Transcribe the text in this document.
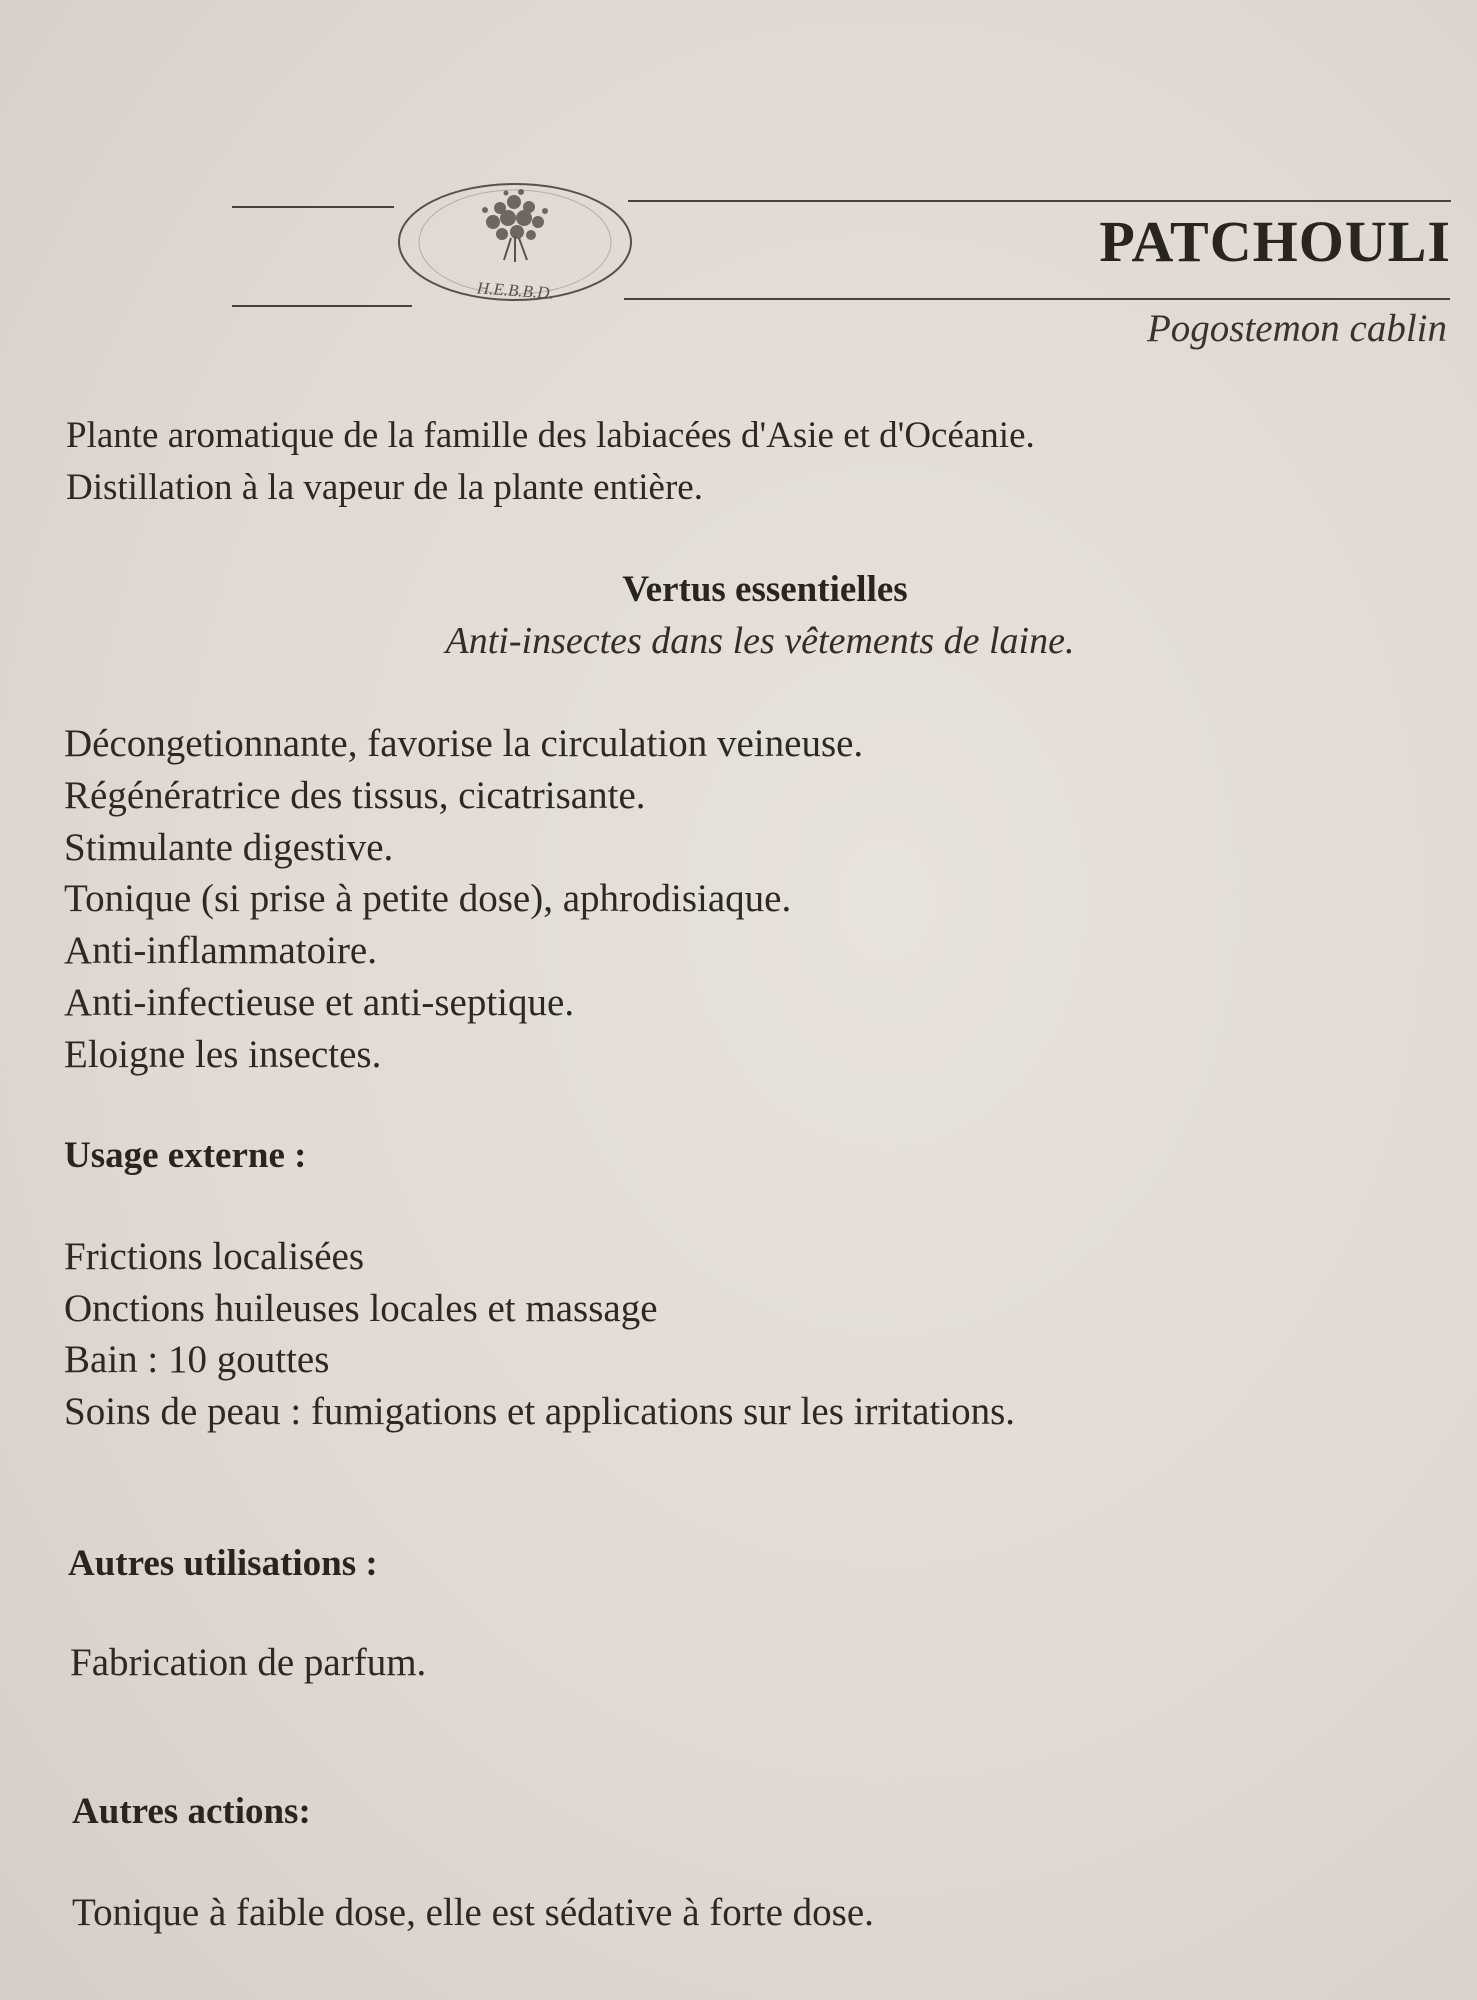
H.E.B.B.D.
PATCHOULI
Pogostemon cablin
Plante aromatique de la famille des labiacées d'Asie et d'Océanie.
Distillation à la vapeur de la plante entière.
Vertus essentielles
Anti-insectes dans les vêtements de laine.
Décongetionnante, favorise la circulation veineuse.
Régénératrice des tissus, cicatrisante.
Stimulante digestive.
Tonique (si prise à petite dose), aphrodisiaque.
Anti-inflammatoire.
Anti-infectieuse et anti-septique.
Eloigne les insectes.
Usage externe :
Frictions localisées
Onctions huileuses locales et massage
Bain : 10 gouttes
Soins de peau : fumigations et applications sur les irritations.
Autres utilisations :
Fabrication de parfum.
Autres actions:
Tonique à faible dose, elle est sédative à forte dose.
